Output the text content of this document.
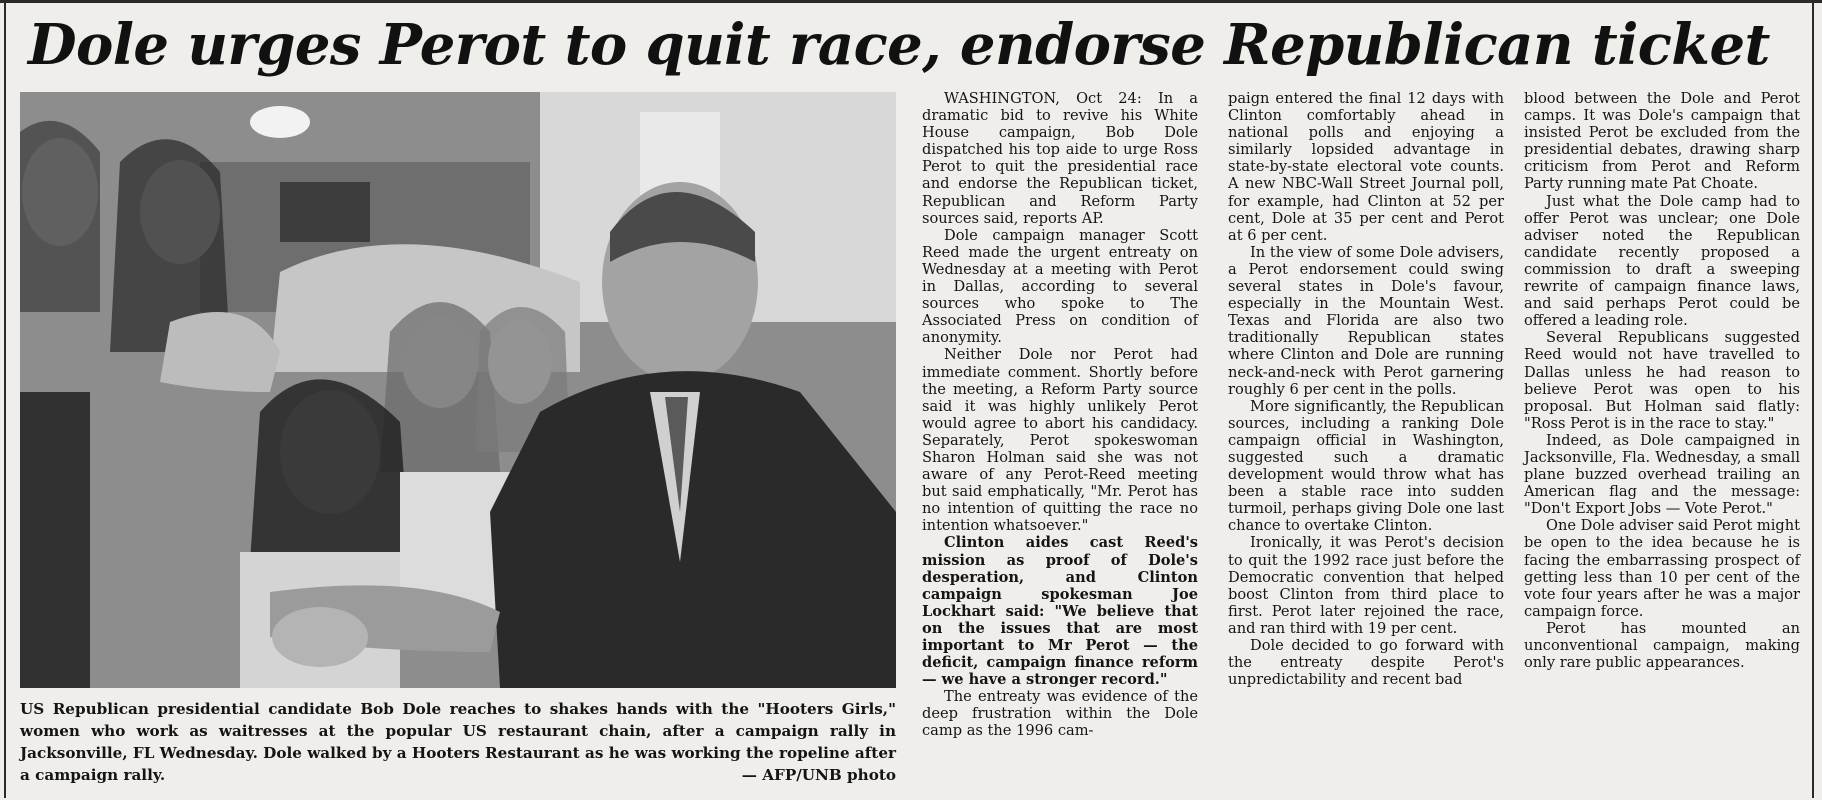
Dole urges Perot to quit race, endorse Republican ticket
US Republican presidential candidate Bob Dole reaches to shakes hands with the "Hooters Girls," women who work as waitresses at the popular US restaurant chain, after a campaign rally in Jacksonville, FL Wednesday. Dole walked by a Hooters Restaurant as he was working the ropeline after a campaign rally.	— AFP/UNB photo

WASHINGTON, Oct 24: In a dramatic bid to revive his White House campaign, Bob Dole dispatched his top aide to urge Ross Perot to quit the presidential race and endorse the Republican ticket, Republican and Reform Party sources said, reports AP.

Dole campaign manager Scott Reed made the urgent entreaty on Wednesday at a meeting with Perot in Dallas, according to several sources who spoke to The Associated Press on condition of anonymity.

Neither Dole nor Perot had immediate comment. Shortly before the meeting, a Reform Party source said it was highly unlikely Perot would agree to abort his candidacy. Separately, Perot spokeswoman Sharon Holman said she was not aware of any Perot-Reed meeting but said emphatically, "Mr. Perot has no intention of quitting the race no intention whatsoever."

Clinton aides cast Reed's mission as proof of Dole's desperation, and Clinton campaign spokesman Joe Lockhart said: "We believe that on the issues that are most important to Mr Perot — the deficit, campaign finance reform — we have a stronger record."

The entreaty was evidence of the deep frustration within the Dole camp as the 1996 cam-

paign entered the final 12 days with Clinton comfortably ahead in national polls and enjoying a similarly lopsided advantage in state-by-state electoral vote counts. A new NBC-Wall Street Journal poll, for example, had Clinton at 52 per cent, Dole at 35 per cent and Perot at 6 per cent.

In the view of some Dole advisers, a Perot endorsement could swing several states in Dole's favour, especially in the Mountain West. Texas and Florida are also two traditionally Republican states where Clinton and Dole are running neck-and-neck with Perot garnering roughly 6 per cent in the polls.

More significantly, the Republican sources, including a ranking Dole campaign official in Washington, suggested such a dramatic development would throw what has been a stable race into sudden turmoil, perhaps giving Dole one last chance to overtake Clinton.

Ironically, it was Perot's decision to quit the 1992 race just before the Democratic convention that helped boost Clinton from third place to first. Perot later rejoined the race, and ran third with 19 per cent.

Dole decided to go forward with the entreaty despite Perot's unpredictability and recent bad

blood between the Dole and Perot camps. It was Dole's campaign that insisted Perot be excluded from the presidential debates, drawing sharp criticism from Perot and Reform Party running mate Pat Choate.

Just what the Dole camp had to offer Perot was unclear; one Dole adviser noted the Republican candidate recently proposed a commission to draft a sweeping rewrite of campaign finance laws, and said perhaps Perot could be offered a leading role.

Several Republicans suggested Reed would not have travelled to Dallas unless he had reason to believe Perot was open to his proposal. But Holman said flatly: "Ross Perot is in the race to stay."

Indeed, as Dole campaigned in Jacksonville, Fla. Wednesday, a small plane buzzed overhead trailing an American flag and the message: "Don't Export Jobs — Vote Perot."

One Dole adviser said Perot might be open to the idea because he is facing the embarrassing prospect of getting less than 10 per cent of the vote four years after he was a major campaign force.

Perot has mounted an unconventional campaign, making only rare public appearances.
